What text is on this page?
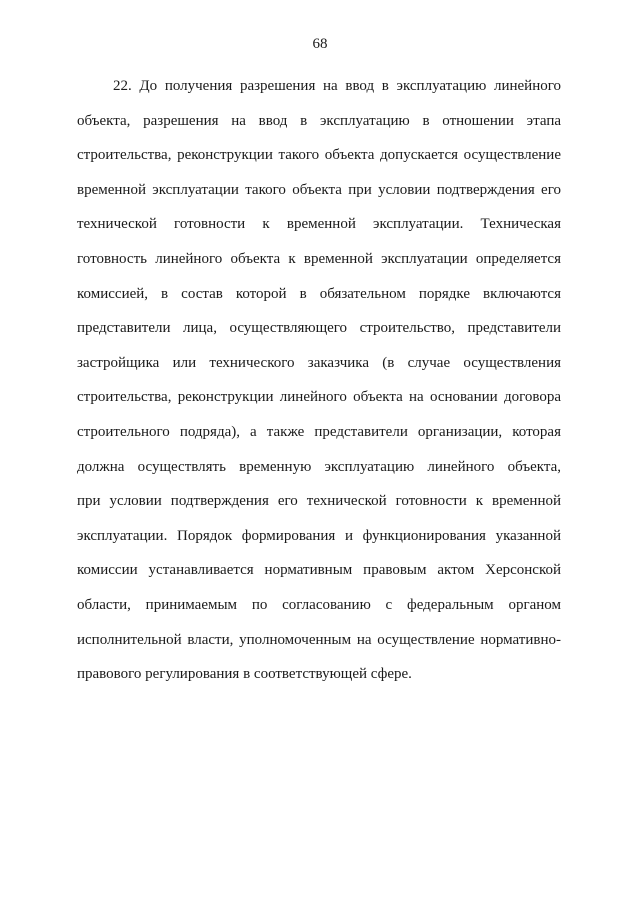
68
22. До получения разрешения на ввод в эксплуатацию линейного
объекта, разрешения на ввод в эксплуатацию в отношении этапа
строительства, реконструкции такого объекта допускается осуществление
временной эксплуатации такого объекта при условии подтверждения его
технической готовности к временной эксплуатации. Техническая
готовность линейного объекта к временной эксплуатации определяется
комиссией, в состав которой в обязательном порядке включаются
представители лица, осуществляющего строительство, представители
застройщика или технического заказчика (в случае осуществления
строительства, реконструкции линейного объекта на основании договора
строительного подряда), а также представители организации, которая
должна осуществлять временную эксплуатацию линейного объекта,
при условии подтверждения его технической готовности к временной
эксплуатации. Порядок формирования и функционирования указанной
комиссии устанавливается нормативным правовым актом Херсонской
области, принимаемым по согласованию с федеральным органом
исполнительной власти, уполномоченным на осуществление нормативно-
правового регулирования в соответствующей сфере.
